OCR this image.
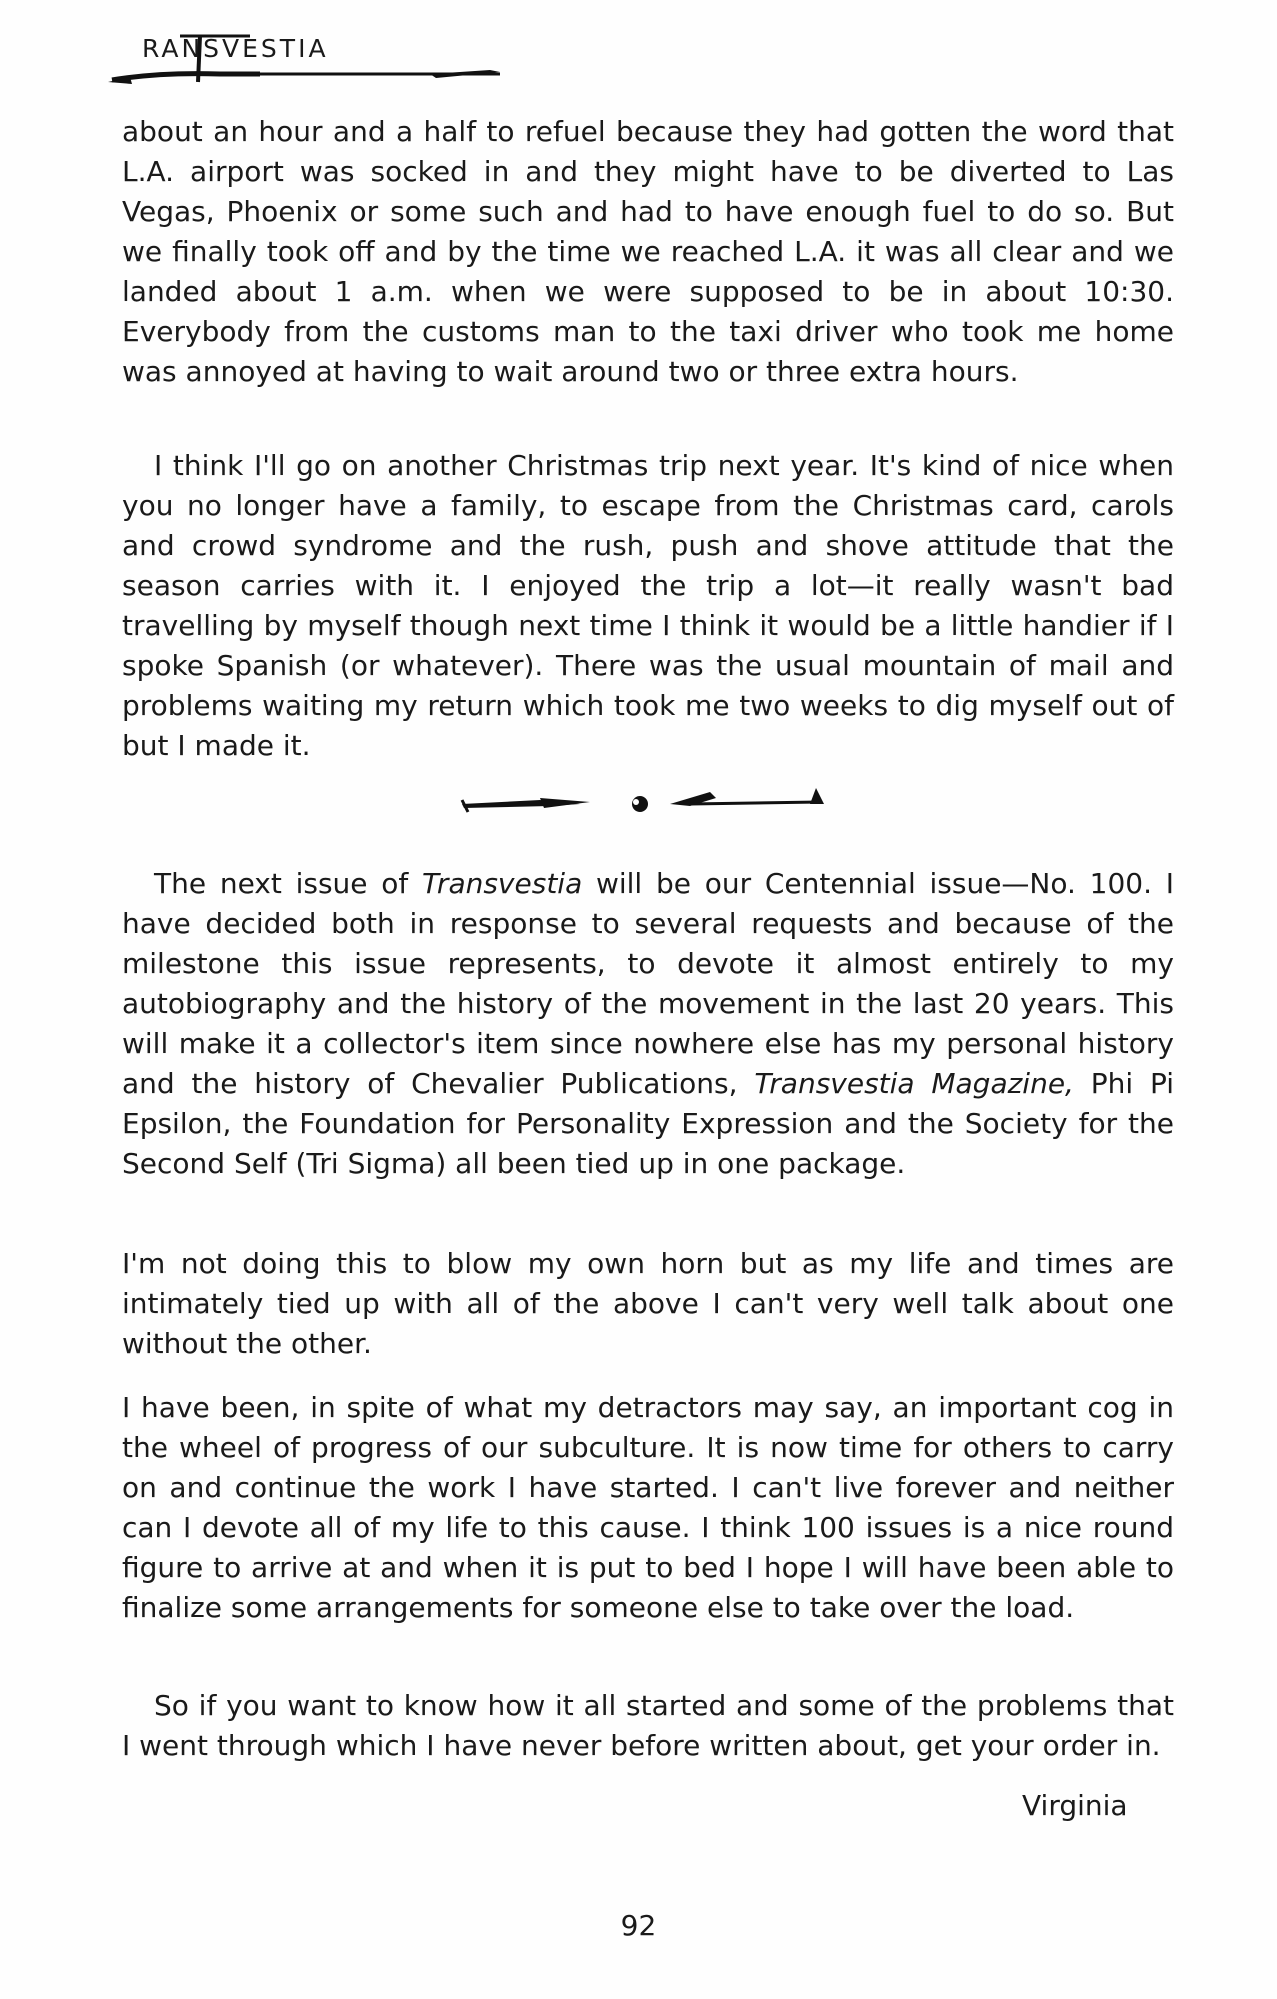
RANSVESTIA

about an hour and a half to refuel because they had gotten the word that L.A. airport was socked in and they might have to be diverted to Las Vegas, Phoenix or some such and had to have enough fuel to do so. But we finally took off and by the time we reached L.A. it was all clear and we landed about 1 a.m. when we were supposed to be in about 10:30. Everybody from the customs man to the taxi driver who took me home was annoyed at having to wait around two or three extra hours.

I think I'll go on another Christmas trip next year. It's kind of nice when you no longer have a family, to escape from the Christmas card, carols and crowd syndrome and the rush, push and shove attitude that the season carries with it. I enjoyed the trip a lot—it really wasn't bad travelling by myself though next time I think it would be a little handier if I spoke Spanish (or whatever). There was the usual mountain of mail and problems waiting my return which took me two weeks to dig myself out of but I made it.

The next issue of Transvestia will be our Centennial issue—No. 100. I have decided both in response to several requests and because of the milestone this issue represents, to devote it almost entirely to my autobiography and the history of the movement in the last 20 years. This will make it a collector's item since nowhere else has my personal history and the history of Chevalier Publications, Transvestia Magazine, Phi Pi Epsilon, the Foundation for Personality Expression and the Society for the Second Self (Tri Sigma) all been tied up in one package.

I'm not doing this to blow my own horn but as my life and times are intimately tied up with all of the above I can't very well talk about one without the other.

I have been, in spite of what my detractors may say, an important cog in the wheel of progress of our subculture. It is now time for others to carry on and continue the work I have started. I can't live forever and neither can I devote all of my life to this cause. I think 100 issues is a nice round figure to arrive at and when it is put to bed I hope I will have been able to finalize some arrangements for someone else to take over the load.

So if you want to know how it all started and some of the problems that I went through which I have never before written about, get your order in.

Virginia
92
